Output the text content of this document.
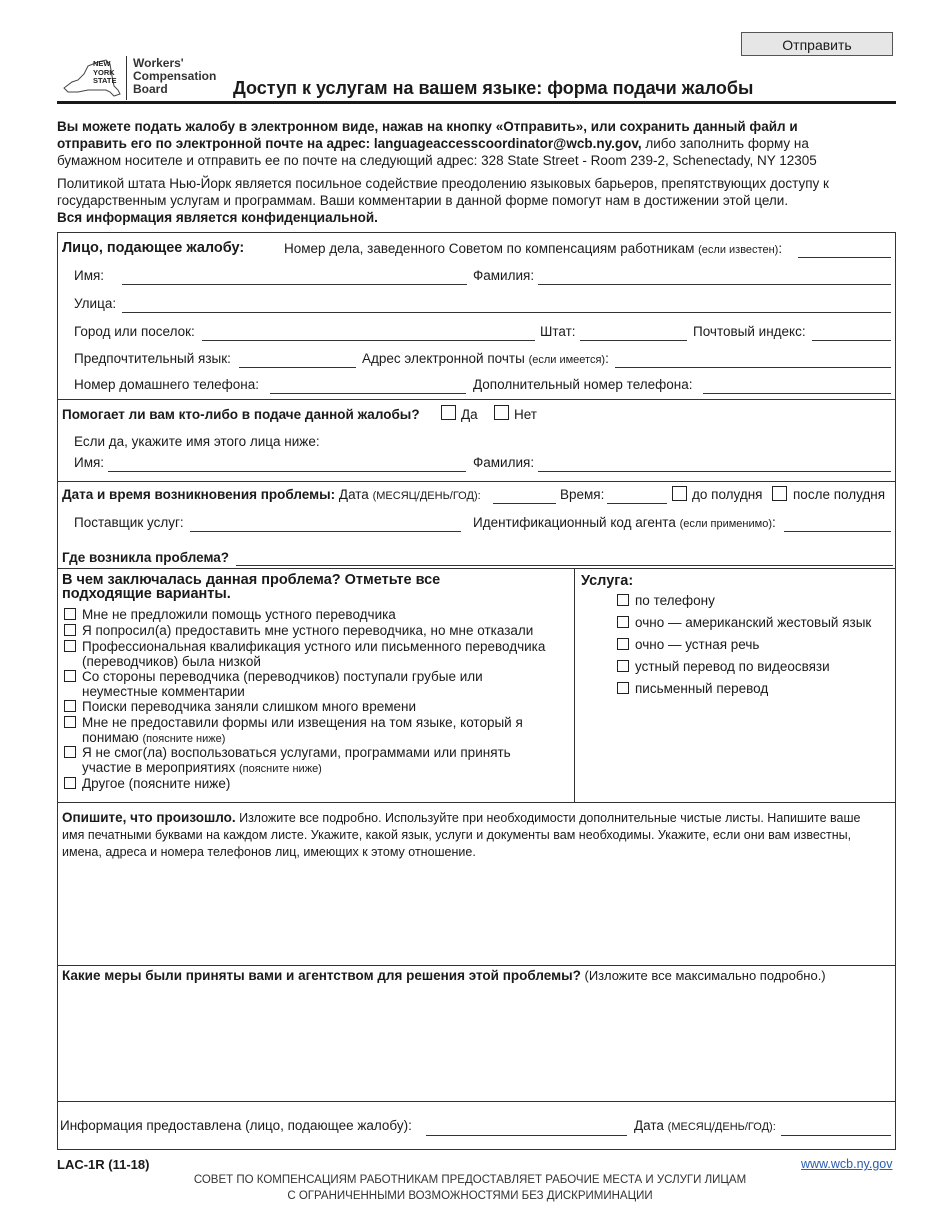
Отправить
NEW
YORK
STATE
Workers'
Compensation
Board	Доступ к услугам на вашем языке: форма подачи жалобы
Вы можете подать жалобу в электронном виде, нажав на кнопку «Отправить», или сохранить данный файл и отправить его по электронной почте на адрес: languageaccesscoordinator@wcb.ny.gov, либо заполнить форму на бумажном носителе и отправить ее по почте на следующий адрес: 328 State Street - Room 239-2, Schenectady, NY 12305
Политикой штата Нью-Йорк является посильное содействие преодолению языковых барьеров, препятствующих доступу к государственным услугам и программам. Ваши комментарии в данной форме помогут нам в достижении этой цели.
Вся информация является конфиденциальной.
Лицо, подающее жалобу:	Номер дела, заведенного Советом по компенсациям работникам (если известен):
Имя:	Фамилия:
Улица:
Город или поселок:	Штат:	Почтовый индекс:
Предпочтительный язык:	Адрес электронной почты (если имеется):
Номер домашнего телефона:	Дополнительный номер телефона:
Помогает ли вам кто-либо в подаче данной жалобы?	Да	Нет
Если да, укажите имя этого лица ниже:
Имя:	Фамилия:
Дата и время возникновения проблемы: Дата (МЕСЯЦ/ДЕНЬ/ГОД):	Время:	до полудня после полудня
Поставщик услуг:	Идентификационный код агента (если применимо):
Где возникла проблема?
В чем заключалась данная проблема? Отметьте все подходящие варианты.
Мне не предложили помощь устного переводчика
Я попросил(а) предоставить мне устного переводчика, но мне отказали
Профессиональная квалификация устного или письменного переводчика (переводчиков) была низкой
Со стороны переводчика (переводчиков) поступали грубые или неуместные комментарии
Поиски переводчика заняли слишком много времени
Мне не предоставили формы или извещения на том языке, который я понимаю (поясните ниже)
Я не смог(ла) воспользоваться услугами, программами или принять участие в мероприятиях (поясните ниже)
Другое (поясните ниже)
Услуга:
по телефону
очно — американский жестовый язык
очно — устная речь
устный перевод по видеосвязи
письменный перевод
Опишите, что произошло. Изложите все подробно. Используйте при необходимости дополнительные чистые листы. Напишите ваше имя печатными буквами на каждом листе. Укажите, какой язык, услуги и документы вам необходимы. Укажите, если они вам известны, имена, адреса и номера телефонов лиц, имеющих к этому отношение.
Какие меры были приняты вами и агентством для решения этой проблемы? (Изложите все максимально подробно.)
Информация предоставлена (лицо, подающее жалобу):	Дата (МЕСЯЦ/ДЕНЬ/ГОД):
LAC-1R (11-18)	www.wcb.ny.gov
СОВЕТ ПО КОМПЕНСАЦИЯМ РАБОТНИКАМ ПРЕДОСТАВЛЯЕТ РАБОЧИЕ МЕСТА И УСЛУГИ ЛИЦАМ
С ОГРАНИЧЕННЫМИ ВОЗМОЖНОСТЯМИ БЕЗ ДИСКРИМИНАЦИИ
